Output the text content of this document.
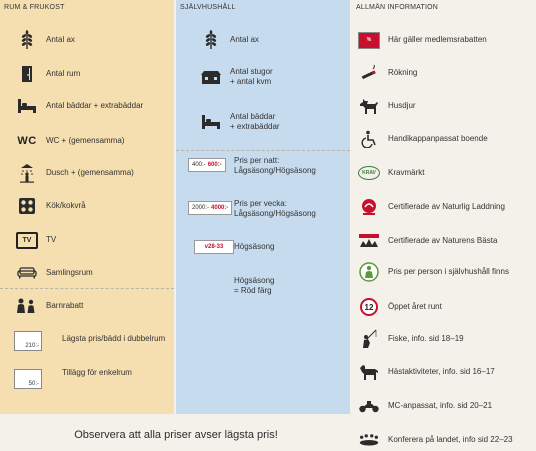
RUM & FRUKOST
Antal ax
Antal rum
Antal bäddar + extrabäddar
WC WC + (gemensamma)
Dusch + (gemensamma)
Kök/kokvrå
TV	TV
Samlingsrum
Barnrabatt
210:-
Lägsta pris/bädd i dubbelrum
50:-
Tillägg för enkelrum
SJÄLVHUSHÅLL
Antal ax
Antal stugor
+ antal kvm
Antal bäddar
+ extrabäddar
400:- 600:- Pris per natt:
Lågsäsong/Högsäsong
2000:- 4000:- Pris per vecka:
Lågsäsong/Högsäsong
v28-33	Högsäsong
Högsäsong
= Röd färg
ALLMÄN INFORMATION
%	Här gäller medlemsrabatten
Rökning
Husdjur
Handikappanpassat boende
KRAV	Kravmärkt
Certifierade av Naturlig Laddning
Certifierade av Naturens Bästa
Pris per person i självhushåll finns
12	Öppet året runt
Fiske, info. sid 18–19
Hästaktiviteter, info. sid 16–17
MC-anpassat, info. sid 20–21
Konferera på landet, info sid 22–23
Observera att alla priser avser lägsta pris!
